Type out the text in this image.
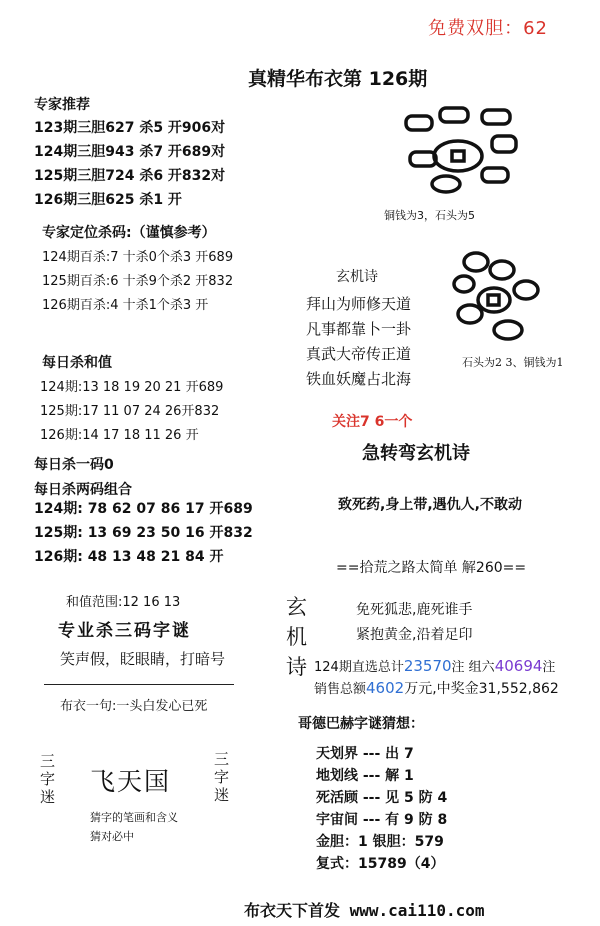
免费双胆：62
真精华布衣第 126期
专家推荐
123期三胆627 杀5 开906对
124期三胆943 杀7 开689对
125期三胆724 杀6 开832对
126期三胆625 杀1 开
专家定位杀码:（谨慎参考）
124期百杀:7 十杀0个杀3 开689
125期百杀:6 十杀9个杀2 开832
126期百杀:4 十杀1个杀3 开
每日杀和值
124期:13 18 19 20 21 开689
125期:17 11 07 24 26开832
126期:14 17 18 11 26 开
每日杀一码0
每日杀两码组合
124期: 78 62 07 86 17 开689
125期: 13 69 23 50 16 开832
126期: 48 13 48 21 84 开
和值范围:12 16 13
专业杀三码字谜
笑声假，眨眼睛，打暗号
布衣一句:一头白发心已死
三
字
迷
飞天国
三
字
迷
猜字的笔画和含义
猜对必中
铜钱为3，石头为5
玄机诗
拜山为师修天道
凡事都靠卜一卦
真武大帝传正道
铁血妖魔占北海
石头为2 3、铜钱为1
关注7 6一个
急转弯玄机诗
致死药,身上带,遇仇人,不敢动
==拾荒之路太简单 解260==
玄
机
诗
免死狐悲,鹿死谁手
紧抱黄金,沿着足印
124期直选总计23570注 组六40694注
销售总额4602万元,中奖金31,552,862
哥德巴赫字谜猜想：
天划界 --- 出 7
地划线 --- 解 1
死活顾 --- 见 5 防 4
宇宙间 --- 有 9 防 8
金胆：1 银胆：579
复式：15789（4）
布衣天下首发 www.cai110.com
